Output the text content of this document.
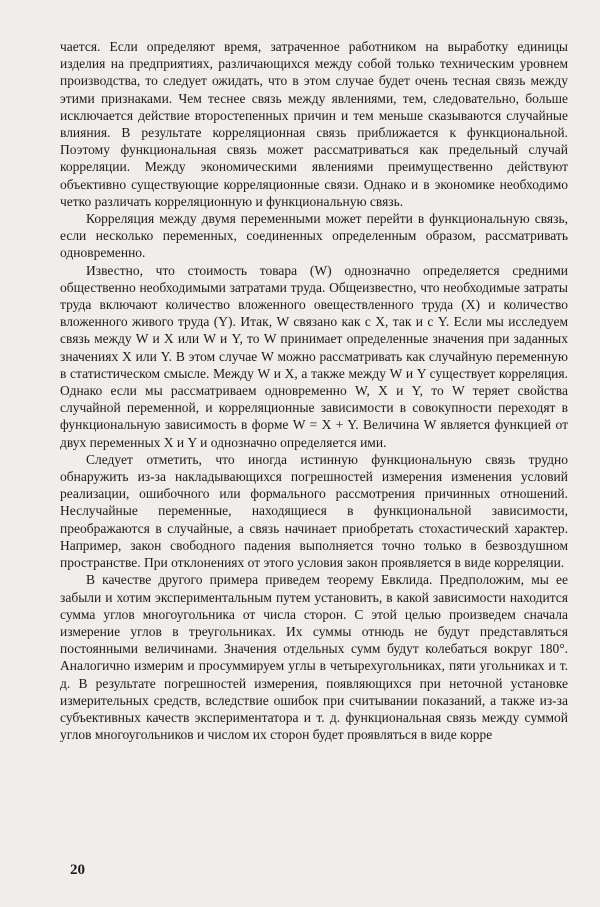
чается. Если определяют время, затраченное работником на выработку единицы изделия на предприятиях, различающихся между собой только техническим уровнем производства, то следует ожидать, что в этом случае будет очень тесная связь между этими признаками. Чем теснее связь между явлениями, тем, следовательно, больше исключается действие второстепенных причин и тем меньше сказываются случайные влияния. В результате корреляционная связь приближается к функциональной. Поэтому функциональная связь может рассматриваться как предельный случай корреляции. Между экономическими явлениями преимущественно действуют объективно существующие корреляционные связи. Однако и в экономике необходимо четко различать корреляционную и функциональную связь.

Корреляция между двумя переменными может перейти в функциональную связь, если несколько переменных, соединенных определенным образом, рассматривать одновременно.

Известно, что стоимость товара (W) однозначно определяется средними общественно необходимыми затратами труда. Общеизвестно, что необходимые затраты труда включают количество вложенного овеществленного труда (X) и количество вложенного живого труда (Y). Итак, W связано как с X, так и с Y. Если мы исследуем связь между W и X или W и Y, то W принимает определенные значения при заданных значениях X или Y. В этом случае W можно рассматривать как случайную переменную в статистическом смысле. Между W и X, а также между W и Y существует корреляция. Однако если мы рассматриваем одновременно W, X и Y, то W теряет свойства случайной переменной, и корреляционные зависимости в совокупности переходят в функциональную зависимость в форме W = X + Y. Величина W является функцией от двух переменных X и Y и однозначно определяется ими.

Следует отметить, что иногда истинную функциональную связь трудно обнаружить из-за накладывающихся погрешностей измерения изменения условий реализации, ошибочного или формального рассмотрения причинных отношений. Неслучайные переменные, находящиеся в функциональной зависимости, преображаются в случайные, а связь начинает приобретать стохастический характер. Например, закон свободного падения выполняется точно только в безвоздушном пространстве. При отклонениях от этого условия закон проявляется в виде корреляции.

В качестве другого примера приведем теорему Евклида. Предположим, мы ее забыли и хотим экспериментальным путем установить, в какой зависимости находится сумма углов многоугольника от числа сторон. С этой целью произведем сначала измерение углов в треугольниках. Их суммы отнюдь не будут представляться постоянными величинами. Значения отдельных сумм будут колебаться вокруг 180°. Аналогично измерим и просуммируем углы в четырехугольниках, пяти угольниках и т. д. В результате погрешностей измерения, появляющихся при неточной установке измерительных средств, вследствие ошибок при считывании показаний, а также из-за субъективных качеств экспериментатора и т. д. функциональная связь между суммой углов многоугольников и числом их сторон будет проявляться в виде корре

20
